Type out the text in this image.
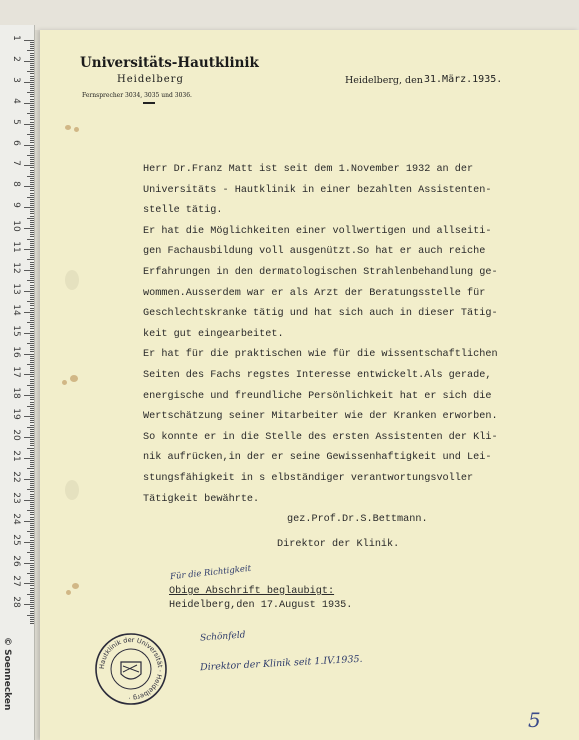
© Soennecken
1
2
3
4
5
6
7
8
9
10
11
12
13
14
15
16
17
18
19
20
21
22
23
24
25
26
27
28
Universitäts-Hautklinik
Heidelberg
Fernsprecher 3034, 3035 und 3036.
Heidelberg, den 31.März.1935.
Herr Dr.Franz Matt ist seit dem 1.November 1932 an der
Universitäts - Hautklinik in einer bezahlten Assistenten-
stelle tätig.
Er hat die Möglichkeiten einer vollwertigen und allseiti-
gen Fachausbildung voll ausgenützt.So hat er auch reiche
Erfahrungen in den dermatologischen Strahlenbehandlung ge-
wommen.Ausserdem war er als Arzt der Beratungsstelle für
Geschlechtskranke tätig und hat sich auch in dieser Tätig-
keit gut eingearbeitet.
Er hat für die praktischen wie für die wissentschaftlichen
Seiten des Fachs regstes Interesse entwickelt.Als gerade,
energische und freundliche Persönlichkeit hat er sich die
Wertschätzung seiner Mitarbeiter wie der Kranken erworben.
So konnte er in die Stelle des ersten Assistenten der Kli-
nik aufrücken,in der er seine Gewissenhaftigkeit und Lei-
stungsfähigkeit in s elbständiger verantwortungsvoller
Tätigkeit bewährte.
gez.Prof.Dr.S.Bettmann.
Direktor der Klinik.
Für die Richtigkeit
Obige Abschrift beglaubigt:
Heidelberg,den 17.August 1935.
Schönfeld
Direktor der Klinik seit 1.IV.1935.
Hautklinik der Universität · Heidelberg ·
5
